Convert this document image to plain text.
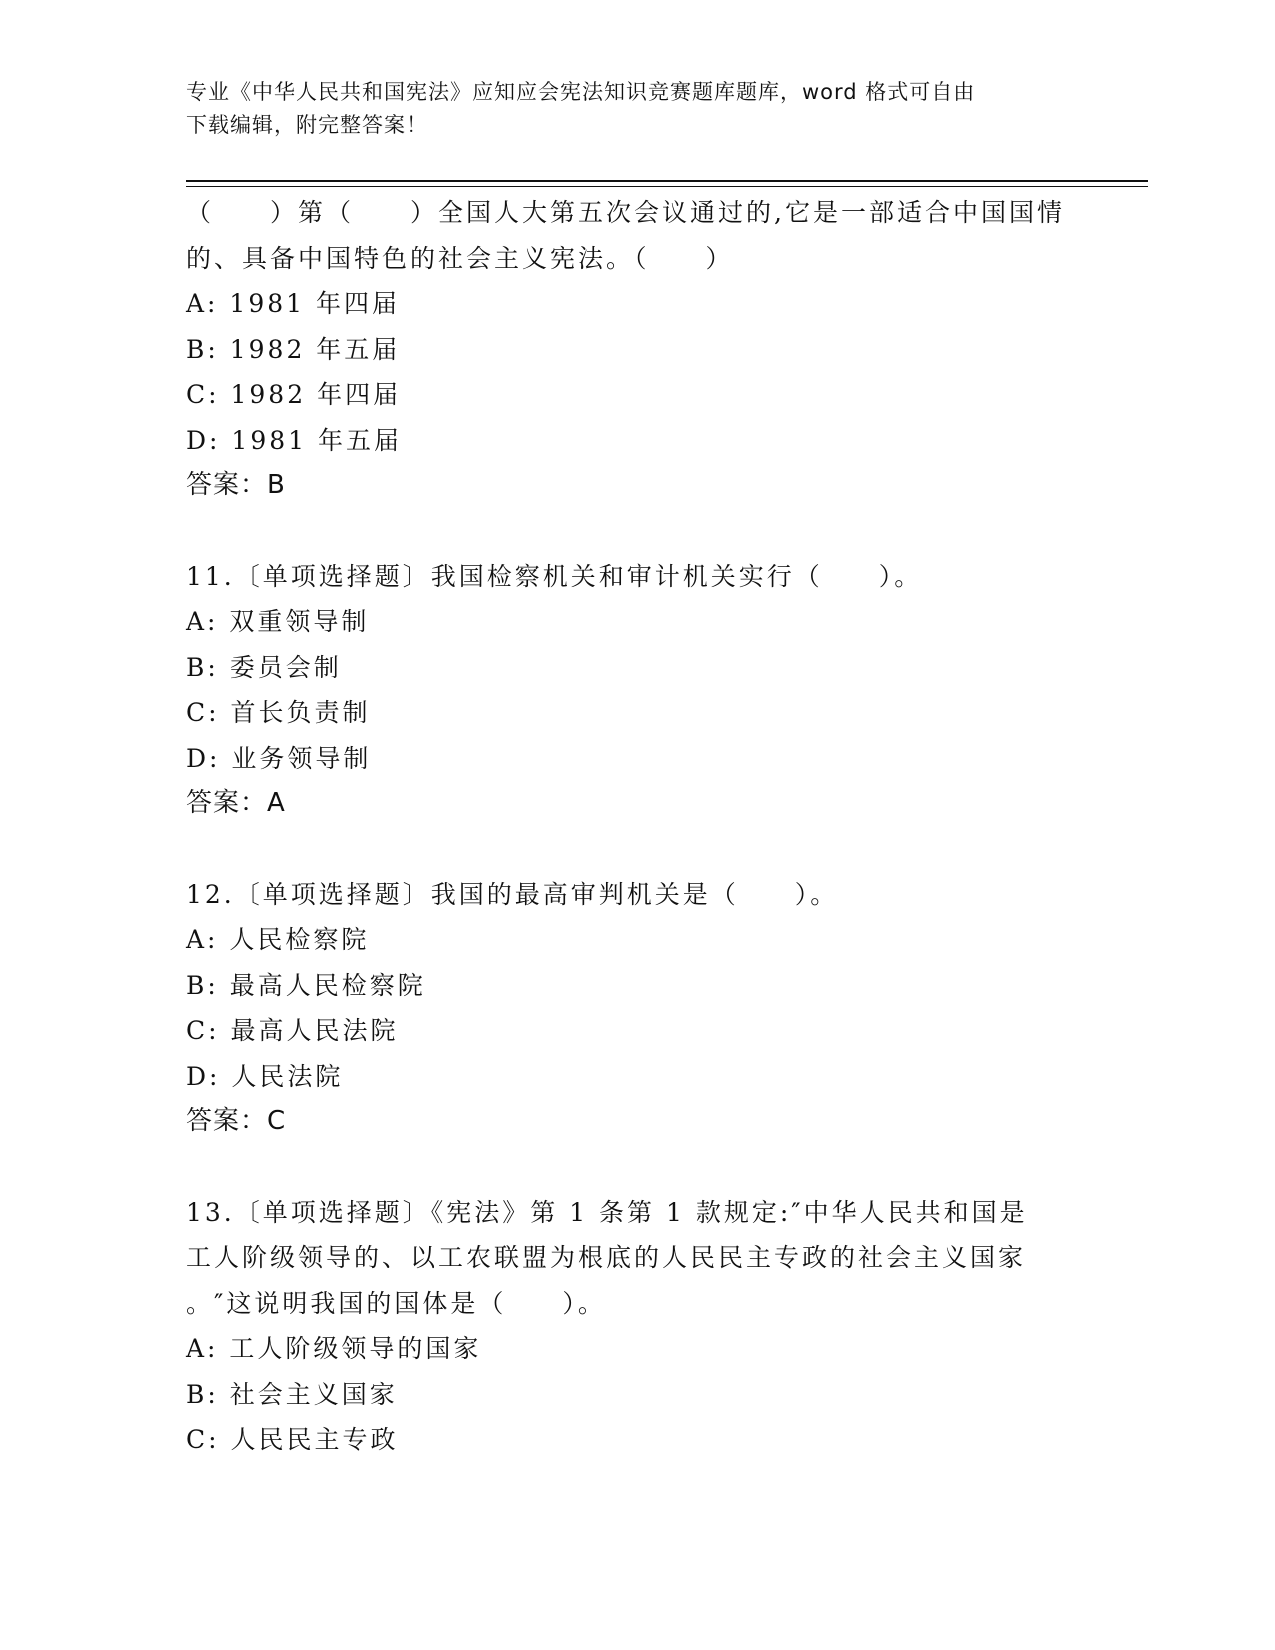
专业《中华人民共和国宪法》应知应会宪法知识竞赛题库题库，word 格式可自由
下载编辑，附完整答案！

（　　）第（　　）全国人大第五次会议通过的,它是一部适合中国国情

的、具备中国特色的社会主义宪法。（　　）

A: 1981 年四届

B: 1982 年五届

C: 1982 年四届

D: 1981 年五届

答案：B

11.〔单项选择题〕我国检察机关和审计机关实行（　　）。

A: 双重领导制

B: 委员会制

C: 首长负责制

D: 业务领导制

答案：A

12.〔单项选择题〕我国的最高审判机关是（　　）。

A: 人民检察院

B: 最高人民检察院

C: 最高人民法院

D: 人民法院

答案：C

13.〔单项选择题〕《宪法》第 1 条第 1 款规定:″中华人民共和国是

工人阶级领导的、以工农联盟为根底的人民民主专政的社会主义国家

。″这说明我国的国体是（　　）。

A: 工人阶级领导的国家

B: 社会主义国家

C: 人民民主专政
